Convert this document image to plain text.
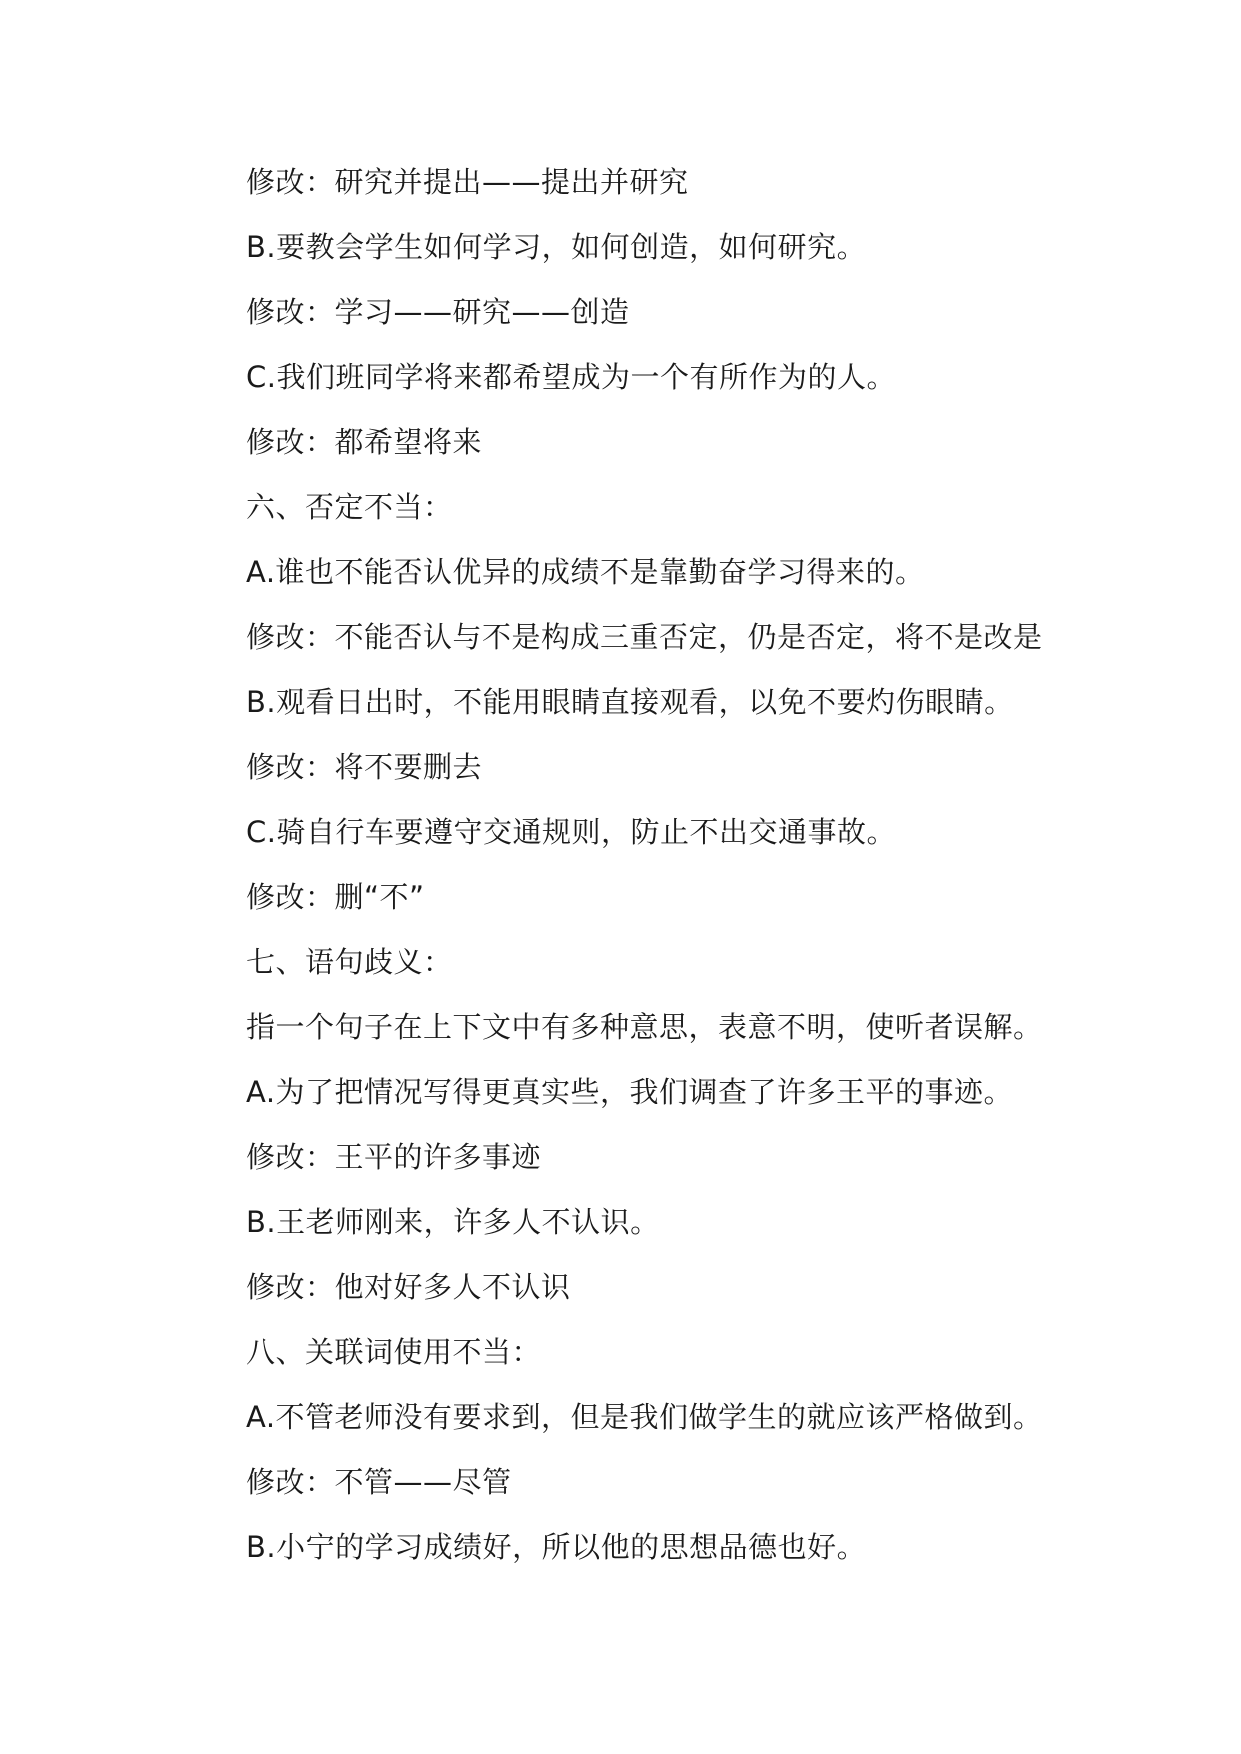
修改：研究并提出——提出并研究
B.要教会学生如何学习，如何创造，如何研究。
修改：学习——研究——创造
C.我们班同学将来都希望成为一个有所作为的人。
修改：都希望将来
六、否定不当：
A.谁也不能否认优异的成绩不是靠勤奋学习得来的。
修改：不能否认与不是构成三重否定，仍是否定，将不是改是
B.观看日出时，不能用眼睛直接观看，以免不要灼伤眼睛。
修改：将不要删去
C.骑自行车要遵守交通规则，防止不出交通事故。
修改：删“不”
七、语句歧义：
指一个句子在上下文中有多种意思，表意不明，使听者误解。
A.为了把情况写得更真实些，我们调查了许多王平的事迹。
修改：王平的许多事迹
B.王老师刚来，许多人不认识。
修改：他对好多人不认识
八、关联词使用不当：
A.不管老师没有要求到，但是我们做学生的就应该严格做到。
修改：不管——尽管
B.小宁的学习成绩好，所以他的思想品德也好。
